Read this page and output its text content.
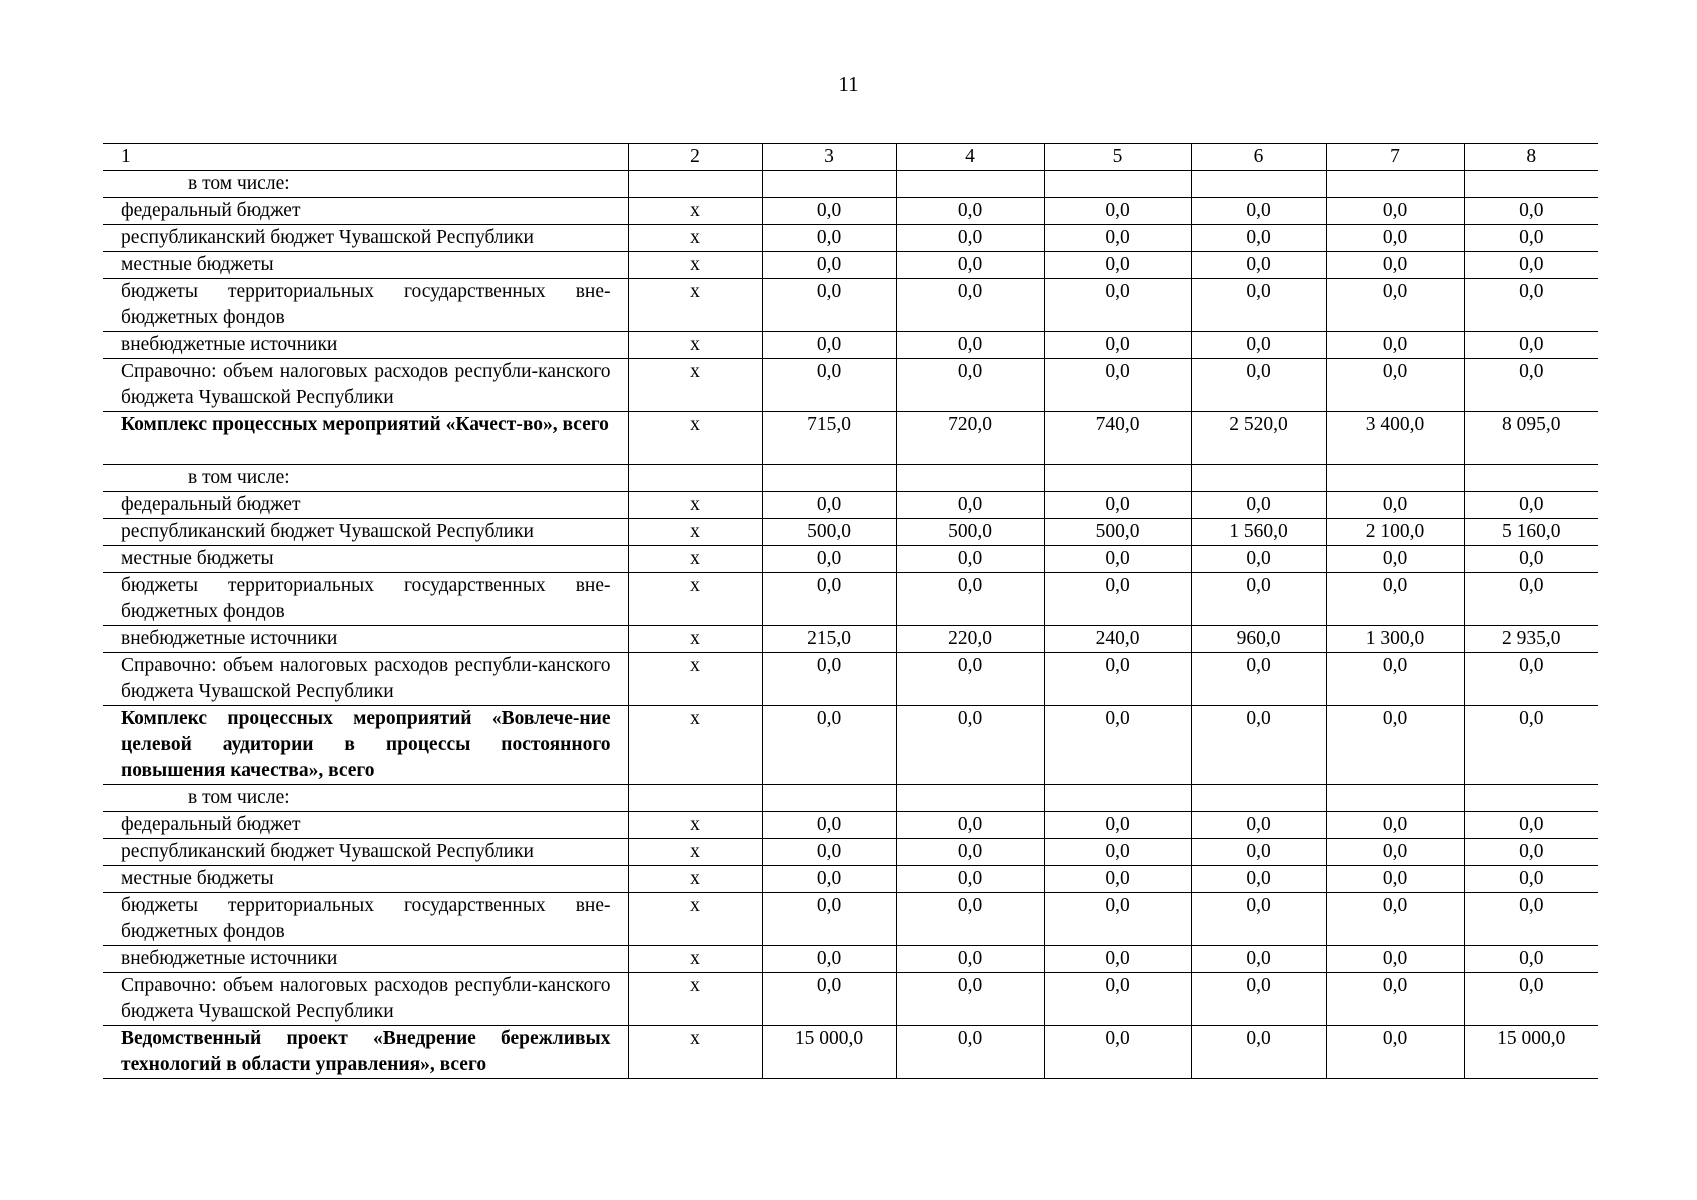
11
1	2	3	4	5	6	7	8
в том числе:							
федеральный бюджет	х	0,0	0,0	0,0	0,0	0,0	0,0
республиканский бюджет Чувашской Республики	х	0,0	0,0	0,0	0,0	0,0	0,0
местные бюджеты	х	0,0	0,0	0,0	0,0	0,0	0,0
бюджеты территориальных государственных вне-бюджетных фондов	х	0,0	0,0	0,0	0,0	0,0	0,0
внебюджетные источники	х	0,0	0,0	0,0	0,0	0,0	0,0
Справочно: объем налоговых расходов республи-канского бюджета Чувашской Республики	х	0,0	0,0	0,0	0,0	0,0	0,0
Комплекс процессных мероприятий «Качест-во», всего	х	715,0	720,0	740,0	2 520,0	3 400,0	8 095,0
в том числе:							
федеральный бюджет	х	0,0	0,0	0,0	0,0	0,0	0,0
республиканский бюджет Чувашской Республики	х	500,0	500,0	500,0	1 560,0	2 100,0	5 160,0
местные бюджеты	х	0,0	0,0	0,0	0,0	0,0	0,0
бюджеты территориальных государственных вне-бюджетных фондов	х	0,0	0,0	0,0	0,0	0,0	0,0
внебюджетные источники	х	215,0	220,0	240,0	960,0	1 300,0	2 935,0
Справочно: объем налоговых расходов республи-канского бюджета Чувашской Республики	х	0,0	0,0	0,0	0,0	0,0	0,0
Комплекс процессных мероприятий «Вовлече-ние целевой аудитории в процессы постоянного повышения качества», всего	х	0,0	0,0	0,0	0,0	0,0	0,0
в том числе:							
федеральный бюджет	х	0,0	0,0	0,0	0,0	0,0	0,0
республиканский бюджет Чувашской Республики	х	0,0	0,0	0,0	0,0	0,0	0,0
местные бюджеты	х	0,0	0,0	0,0	0,0	0,0	0,0
бюджеты территориальных государственных вне-бюджетных фондов	х	0,0	0,0	0,0	0,0	0,0	0,0
внебюджетные источники	х	0,0	0,0	0,0	0,0	0,0	0,0
Справочно: объем налоговых расходов республи-канского бюджета Чувашской Республики	х	0,0	0,0	0,0	0,0	0,0	0,0
Ведомственный проект «Внедрение бережливых технологий в области управления», всего	х	15 000,0	0,0	0,0	0,0	0,0	15 000,0
